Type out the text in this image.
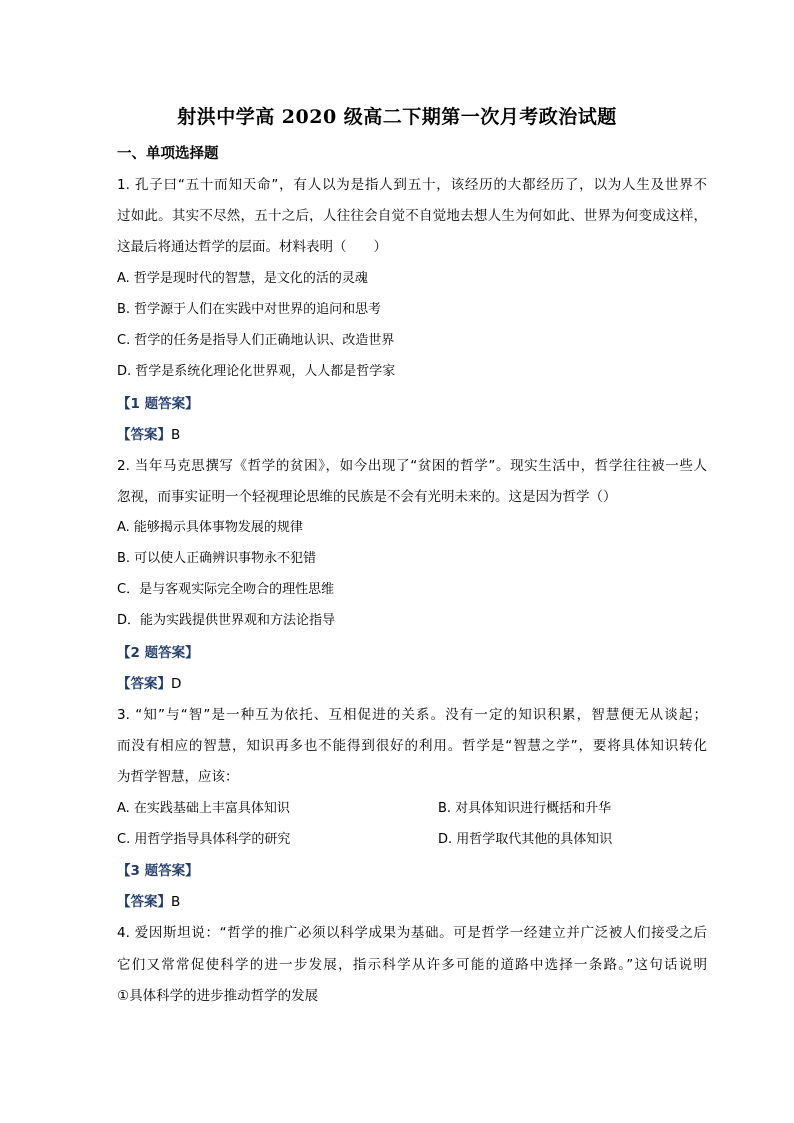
射洪中学高 2020 级高二下期第一次月考政治试题
一、单项选择题
1. 孔子曰“五十而知天命”，有人以为是指人到五十，该经历的大都经历了，以为人生及世界不
过如此。其实不尽然，五十之后，人往往会自觉不自觉地去想人生为何如此、世界为何变成这样，
这最后将通达哲学的层面。材料表明（　　）
A. 哲学是现时代的智慧，是文化的活的灵魂
B. 哲学源于人们在实践中对世界的追问和思考
C. 哲学的任务是指导人们正确地认识、改造世界
D. 哲学是系统化理论化世界观，人人都是哲学家
【1 题答案】
【答案】B
2. 当年马克思撰写《哲学的贫困》，如今出现了“贫困的哲学”。现实生活中，哲学往往被一些人
忽视，而事实证明一个轻视理论思维的民族是不会有光明未来的。这是因为哲学（）
A. 能够揭示具体事物发展的规律
B. 可以使人正确辨识事物永不犯错
C．是与客观实际完全吻合的理性思维
D．能为实践提供世界观和方法论指导
【2 题答案】
【答案】D
3. “知”与“智”是一种互为依托、互相促进的关系。没有一定的知识积累，智慧便无从谈起；
而没有相应的智慧，知识再多也不能得到很好的利用。哲学是“智慧之学”，要将具体知识转化
为哲学智慧，应该：
A. 在实践基础上丰富具体知识	B. 对具体知识进行概括和升华
C. 用哲学指导具体科学的研究	D. 用哲学取代其他的具体知识
【3 题答案】
【答案】B
4. 爱因斯坦说：“哲学的推广必须以科学成果为基础。可是哲学一经建立并广泛被人们接受之后
它们又常常促使科学的进一步发展，指示科学从许多可能的道路中选择一条路。”这句话说明
①具体科学的进步推动哲学的发展
